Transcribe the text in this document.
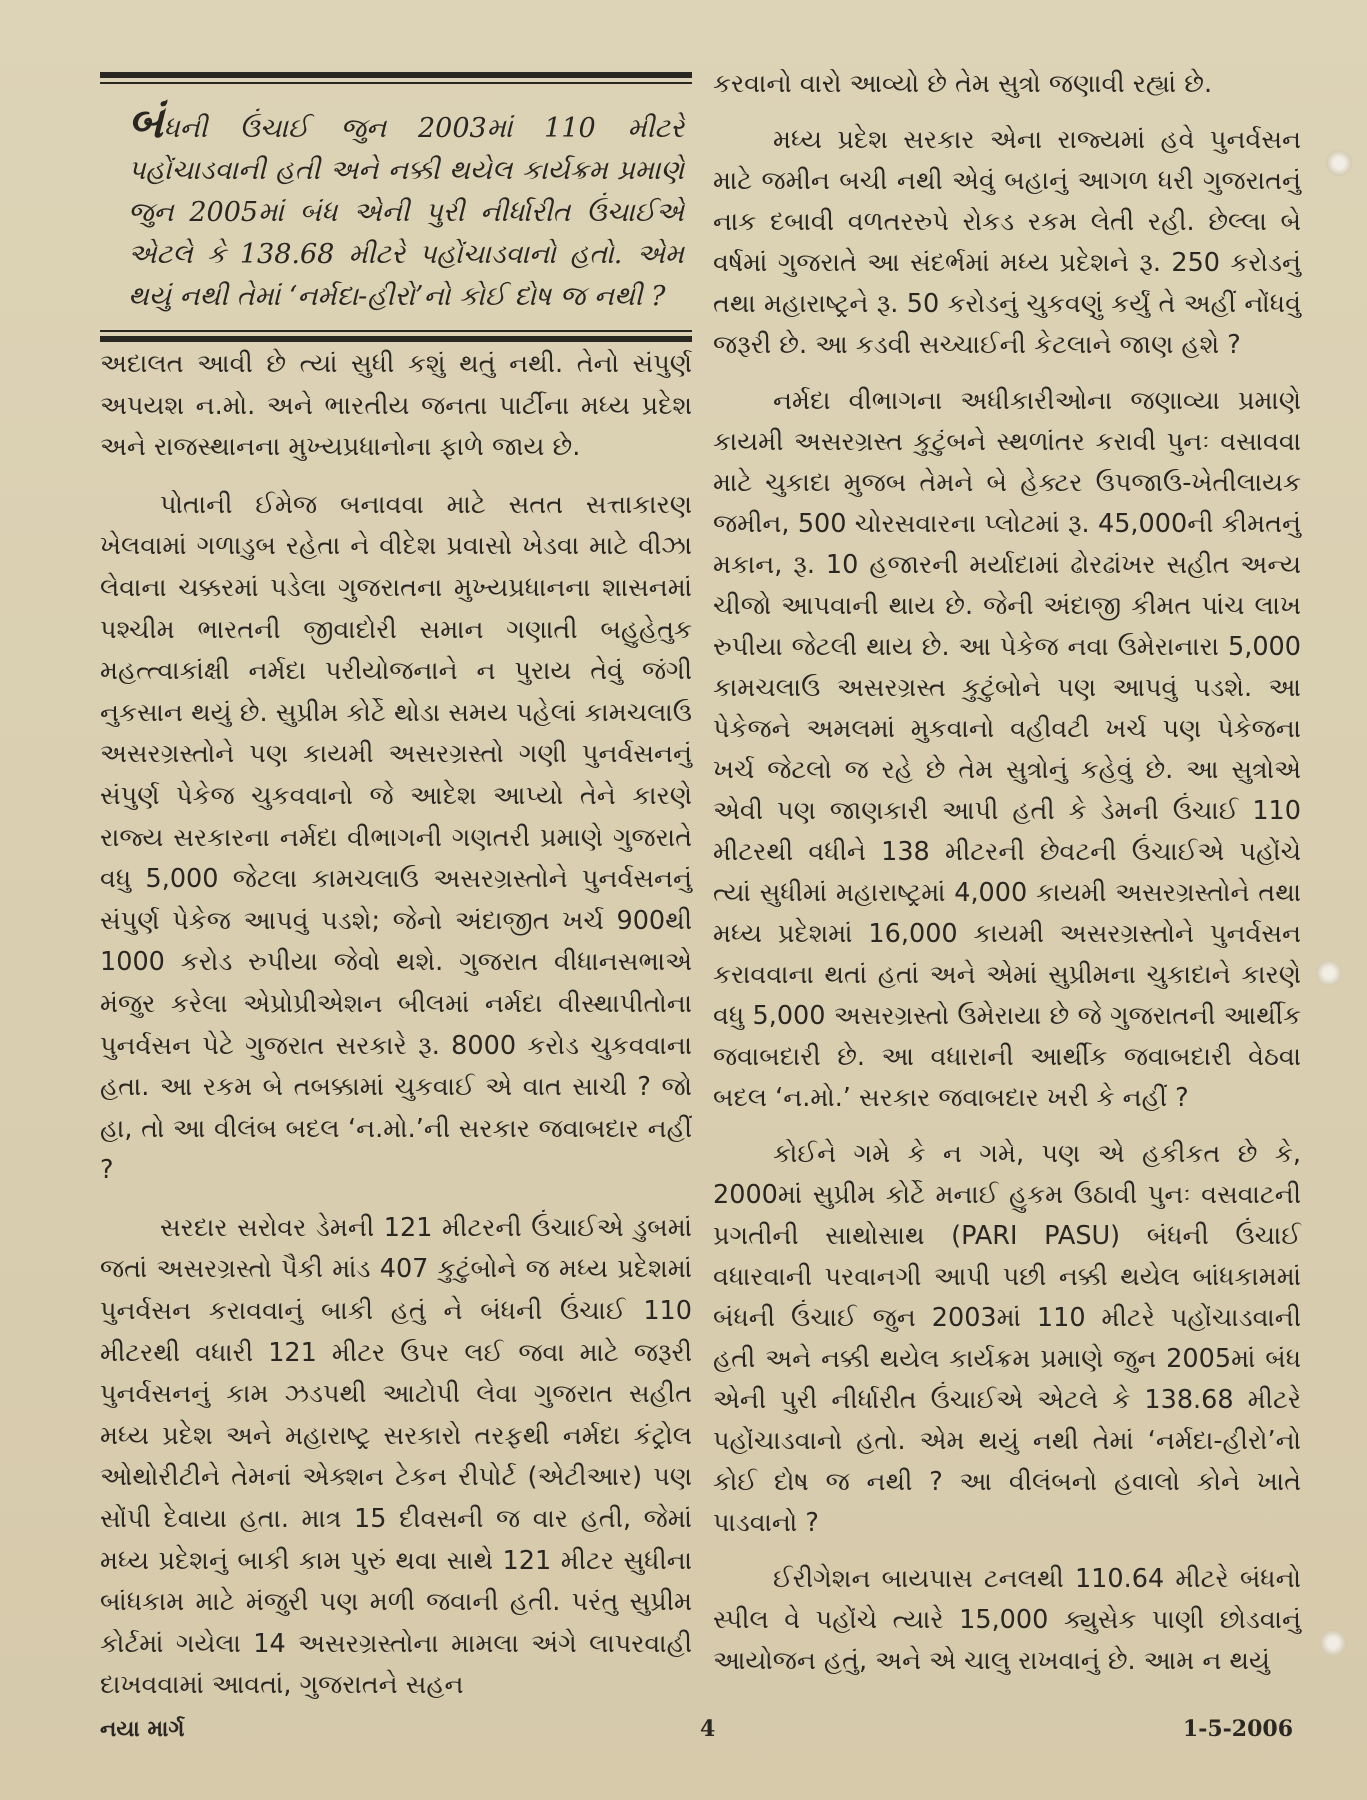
બંધની ઉંચાઈ જુન 2003માં 110 મીટરે પહોંચાડવાની હતી અને નક્કી થયેલ કાર્યક્રમ પ્રમાણે જુન 2005માં બંધ એની પુરી નીર્ધારીત ઉંચાઈએ એટલે કે 138.68 મીટરે પહોંચાડવાનો હતો. એમ થયું નથી તેમાં ‘નર્મદા-હીરો’નો કોઈ દોષ જ નથી ?

અદાલત આવી છે ત્યાં સુધી કશું થતું નથી. તેનો સંપુર્ણ અપયશ ન.મો. અને ભારતીય જનતા પાર્ટીના મધ્ય પ્રદેશ અને રાજસ્થાનના મુખ્યપ્રધાનોના ફાળે જાય છે.

પોતાની ઈમેજ બનાવવા માટે સતત સત્તાકારણ ખેલવામાં ગળાડુબ રહેતા ને વીદેશ પ્રવાસો ખેડવા માટે વીઝા લેવાના ચક્કરમાં પડેલા ગુજરાતના મુખ્યપ્રધાનના શાસનમાં પશ્ચીમ ભારતની જીવાદોરી સમાન ગણાતી બહુહેતુક મહત્ત્વાકાંક્ષી નર્મદા પરીયોજનાને ન પુરાય તેવું જંગી નુકસાન થયું છે. સુપ્રીમ કોર્ટે થોડા સમય પહેલાં કામચલાઉ અસરગ્રસ્તોને પણ કાયમી અસરગ્રસ્તો ગણી પુનર્વસનનું સંપુર્ણ પેકેજ ચુકવવાનો જે આદેશ આપ્યો તેને કારણે રાજ્ય સરકારના નર્મદા વીભાગની ગણતરી પ્રમાણે ગુજરાતે વધુ 5,000 જેટલા કામચલાઉ અસરગ્રસ્તોને પુનર્વસનનું સંપુર્ણ પેકેજ આપવું પડશે; જેનો અંદાજીત ખર્ચ 900થી 1000 કરોડ રુપીયા જેવો થશે. ગુજરાત વીધાનસભાએ મંજુર કરેલા એપ્રોપ્રીએશન બીલમાં નર્મદા વીસ્થાપીતોના પુનર્વસન પેટે ગુજરાત સરકારે રૂ. 8000 કરોડ ચુકવવાના હતા. આ રકમ બે તબક્કામાં ચુકવાઈ એ વાત સાચી ? જો હા, તો આ વીલંબ બદલ ‘ન.મો.’ની સરકાર જવાબદાર નહીં ?

સરદાર સરોવર ડેમની 121 મીટરની ઉંચાઈએ ડુબમાં જતાં અસરગ્રસ્તો પૈકી માંડ 407 કુટુંબોને જ મધ્ય પ્રદેશમાં પુનર્વસન કરાવવાનું બાકી હતું ને બંધની ઉંચાઈ 110 મીટરથી વધારી 121 મીટર ઉપર લઈ જવા માટે જરૂરી પુનર્વસનનું કામ ઝડપથી આટોપી લેવા ગુજરાત સહીત મધ્ય પ્રદેશ અને મહારાષ્ટ્ર સરકારો તરફથી નર્મદા કંટ્રોલ ઓથોરીટીને તેમનાં એક્શન ટેકન રીપોર્ટ (એટીઆર) પણ સોંપી દેવાયા હતા. માત્ર 15 દીવસની જ વાર હતી, જેમાં મધ્ય પ્રદેશનું બાકી કામ પુરું થવા સાથે 121 મીટર સુધીના બાંધકામ માટે મંજુરી પણ મળી જવાની હતી. પરંતુ સુપ્રીમ કોર્ટમાં ગયેલા 14 અસરગ્રસ્તોના મામલા અંગે લાપરવાહી દાખવવામાં આવતાં, ગુજરાતને સહન

કરવાનો વારો આવ્યો છે તેમ સુત્રો જણાવી રહ્યાં છે.

મધ્ય પ્રદેશ સરકાર એના રાજ્યમાં હવે પુનર્વસન માટે જમીન બચી નથી એવું બહાનું આગળ ધરી ગુજરાતનું નાક દબાવી વળતરરુપે રોકડ રકમ લેતી રહી. છેલ્લા બે વર્ષમાં ગુજરાતે આ સંદર્ભમાં મધ્ય પ્રદેશને રૂ. 250 કરોડનું તથા મહારાષ્ટ્રને રૂ. 50 કરોડનું ચુકવણું કર્યું તે અહીં નોંધવું જરૂરી છે. આ કડવી સચ્ચાઈની કેટલાને જાણ હશે ?

નર્મદા વીભાગના અધીકારીઓના જણાવ્યા પ્રમાણે કાયમી અસરગ્રસ્ત કુટુંબને સ્થળાંતર કરાવી પુનઃ વસાવવા માટે ચુકાદા મુજબ તેમને બે હેક્ટર ઉપજાઉ-ખેતીલાયક જમીન, 500 ચોરસવારના પ્લોટમાં રૂ. 45,000ની કીમતનું મકાન, રૂ. 10 હજારની મર્યાદામાં ઢોરઢાંખર સહીત અન્ય ચીજો આપવાની થાય છે. જેની અંદાજી કીમત પાંચ લાખ રુપીયા જેટલી થાય છે. આ પેકેજ નવા ઉમેરાનારા 5,000 કામચલાઉ અસરગ્રસ્ત કુટુંબોને પણ આપવું પડશે. આ પેકેજને અમલમાં મુકવાનો વહીવટી ખર્ચ પણ પેકેજના ખર્ચ જેટલો જ રહે છે તેમ સુત્રોનું કહેવું છે. આ સુત્રોએ એવી પણ જાણકારી આપી હતી કે ડેમની ઉંચાઈ 110 મીટરથી વધીને 138 મીટરની છેવટની ઉંચાઈએ પહોંચે ત્યાં સુધીમાં મહારાષ્ટ્રમાં 4,000 કાયમી અસરગ્રસ્તોને તથા મધ્ય પ્રદેશમાં 16,000 કાયમી અસરગ્રસ્તોને પુનર્વસન કરાવવાના થતાં હતાં અને એમાં સુપ્રીમના ચુકાદાને કારણે વધુ 5,000 અસરગ્રસ્તો ઉમેરાયા છે જે ગુજરાતની આર્થીક જવાબદારી છે. આ વધારાની આર્થીક જવાબદારી વેઠવા બદલ ‘ન.મો.’ સરકાર જવાબદાર ખરી કે નહીં ?

કોઈને ગમે કે ન ગમે, પણ એ હકીકત છે કે, 2000માં સુપ્રીમ કોર્ટે મનાઈ હુકમ ઉઠાવી પુનઃ વસવાટની પ્રગતીની સાથોસાથ (PARI PASU) બંધની ઉંચાઈ વધારવાની પરવાનગી આપી પછી નક્કી થયેલ બાંધકામમાં બંધની ઉંચાઈ જુન 2003માં 110 મીટરે પહોંચાડવાની હતી અને નક્કી થયેલ કાર્યક્રમ પ્રમાણે જુન 2005માં બંધ એની પુરી નીર્ધારીત ઉંચાઈએ એટલે કે 138.68 મીટરે પહોંચાડવાનો હતો. એમ થયું નથી તેમાં ‘નર્મદા-હીરો’નો કોઈ દોષ જ નથી ? આ વીલંબનો હવાલો કોને ખાતે પાડવાનો ?

ઈરીગેશન બાયપાસ ટનલથી 110.64 મીટરે બંધનો સ્પીલ વે પહોંચે ત્યારે 15,000 ક્યુસેક પાણી છોડવાનું આયોજન હતું, અને એ ચાલુ રાખવાનું છે. આમ ન થયું

નયા માર્ગ	4	1-5-2006
